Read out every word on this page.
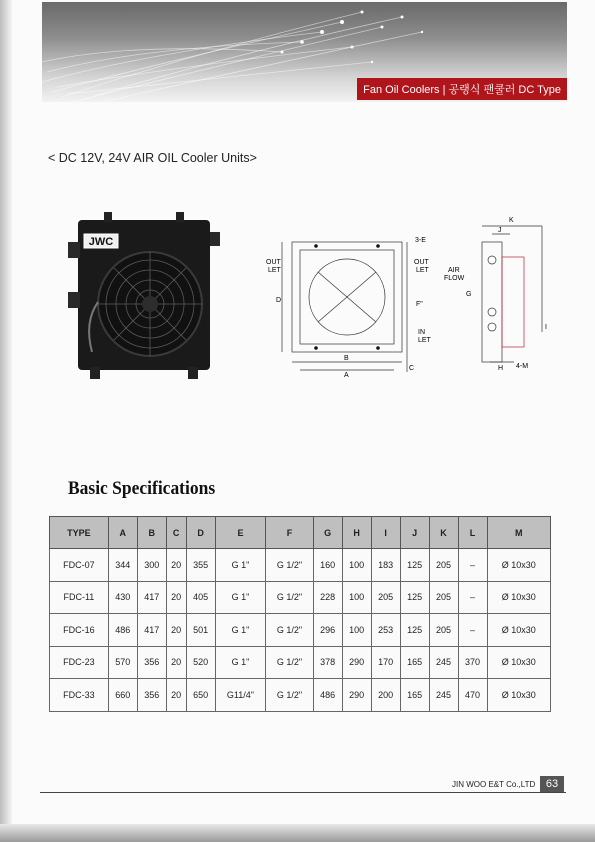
Fan Oil Coolers | 공랭식 팬쿨러 DC Type
< DC 12V, 24V AIR OIL Cooler Units>
JWC
OUT
LET
OUT
LET
IN
LET
AIR
FLOW
3-E
F"
D
B
A
C
G
K
J
H
I
4-M
Basic Specifications
TYPE	A	B	C	D	E	F	G	H	I	J	K	L	M
FDC-07	344	300	20	355	G 1"	G 1/2"	160	100	183	125	205	–	Ø 10x30
FDC-11	430	417	20	405	G 1"	G 1/2"	228	100	205	125	205	–	Ø 10x30
FDC-16	486	417	20	501	G 1"	G 1/2"	296	100	253	125	205	–	Ø 10x30
FDC-23	570	356	20	520	G 1"	G 1/2"	378	290	170	165	245	370	Ø 10x30
FDC-33	660	356	20	650	G11/4"	G 1/2"	486	290	200	165	245	470	Ø 10x30
JIN WOO E&T Co.,LTD 63
